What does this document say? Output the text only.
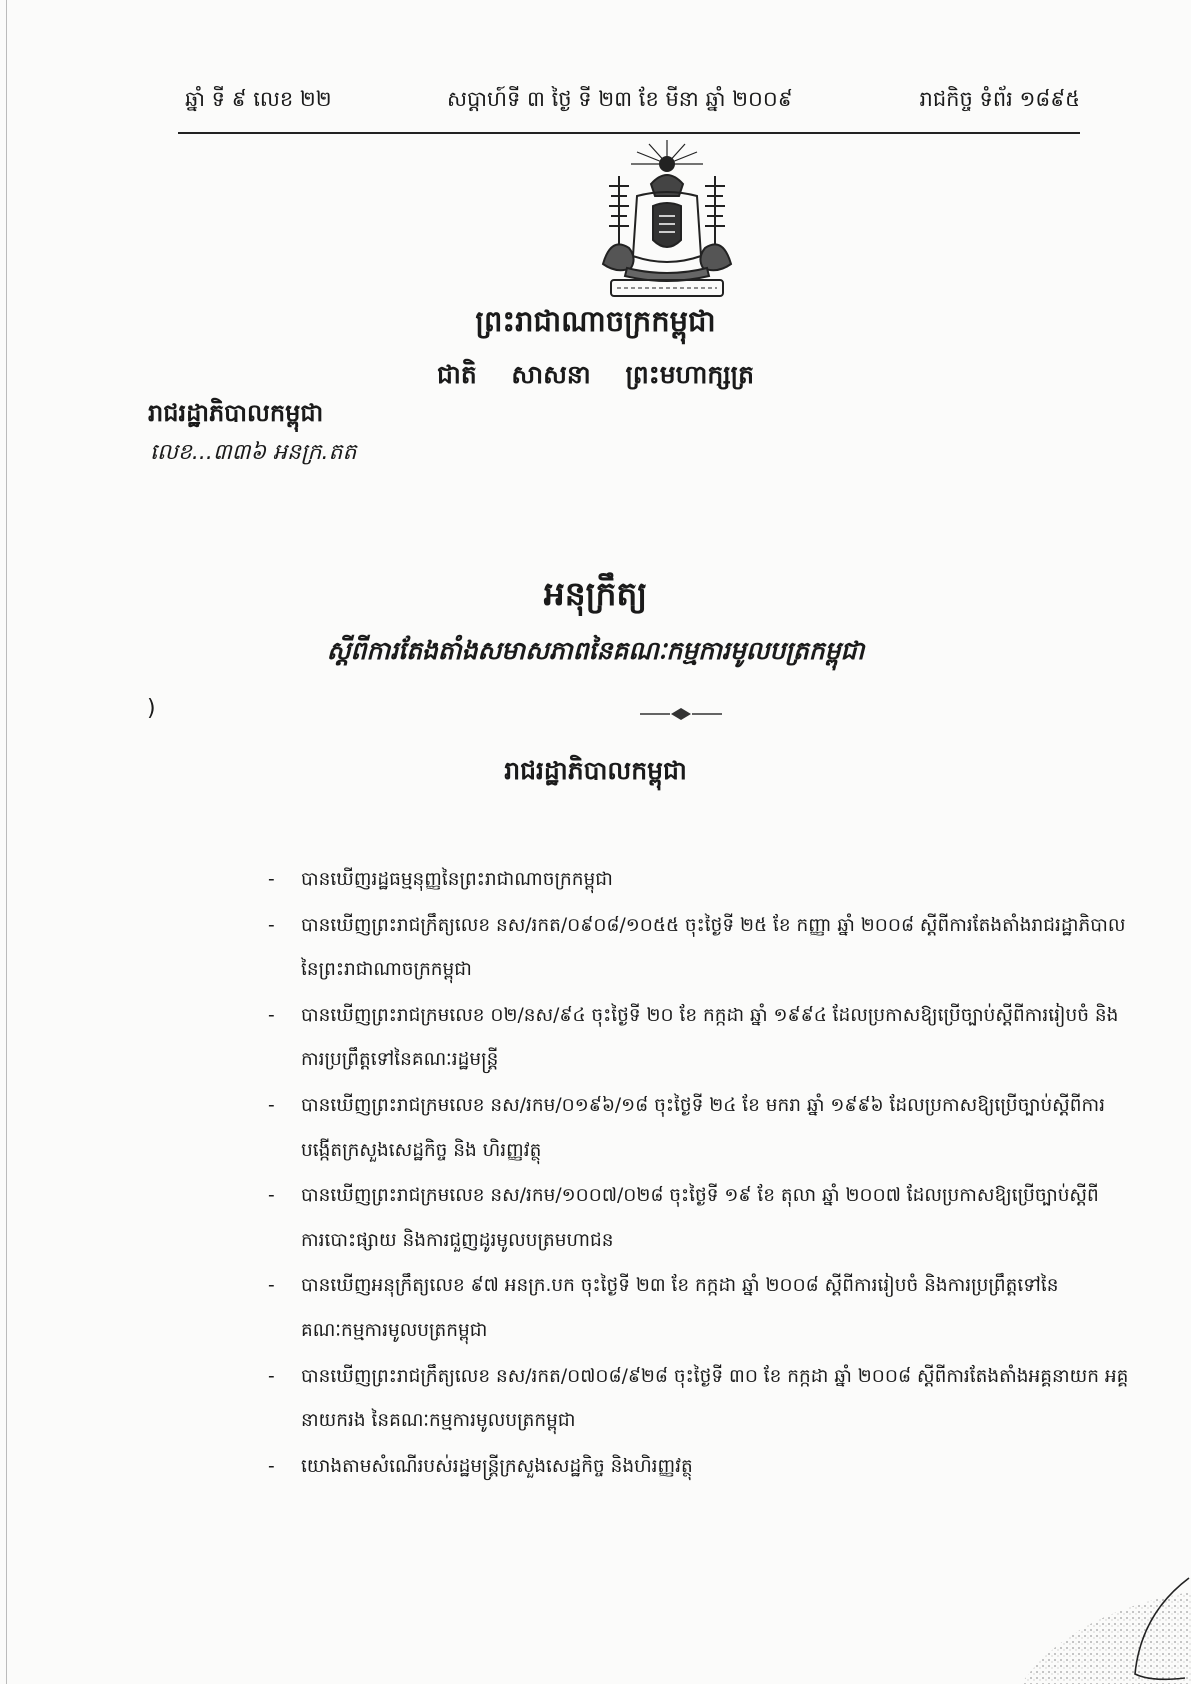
ឆ្នាំ ទី ៩ លេខ ២២	សប្តាហ៍ទី ៣ ថ្ងៃ ទី ២៣ ខែ មីនា ឆ្នាំ ២០០៩	រាជកិច្ច ទំព័រ ១៨៩៥
ព្រះរាជាណាចក្រកម្ពុជា
ជាតិ សាសនា ព្រះមហាក្សត្រ
រាជរដ្ឋាភិបាលកម្ពុជា
លេខ...៣៣៦ អនក្រ.តត
អនុក្រឹត្យ
ស្តីពីការតែងតាំងសមាសភាពនៃគណៈកម្មការមូលបត្រកម្ពុជា
)
រាជរដ្ឋាភិបាលកម្ពុជា
- បានឃើញរដ្ឋធម្មនុញ្ញនៃព្រះរាជាណាចក្រកម្ពុជា
- បានឃើញព្រះរាជក្រឹត្យលេខ នស/រកត/០៩០៨/១០៥៥ ចុះថ្ងៃទី ២៥ ខែ កញ្ញា ឆ្នាំ ២០០៨ ស្តីពីការតែងតាំងរាជរដ្ឋាភិបាលនៃព្រះរាជាណាចក្រកម្ពុជា
- បានឃើញព្រះរាជក្រមលេខ ០២/នស/៩៤ ចុះថ្ងៃទី ២០ ខែ កក្កដា ឆ្នាំ ១៩៩៤ ដែលប្រកាសឱ្យប្រើច្បាប់ស្តីពីការរៀបចំ និងការប្រព្រឹត្តទៅនៃគណៈរដ្ឋមន្ត្រី
- បានឃើញព្រះរាជក្រមលេខ នស/រកម/០១៩៦/១៨ ចុះថ្ងៃទី ២៤ ខែ មករា ឆ្នាំ ១៩៩៦ ដែលប្រកាសឱ្យប្រើច្បាប់ស្តីពីការបង្កើតក្រសួងសេដ្ឋកិច្ច និង ហិរញ្ញវត្ថុ
- បានឃើញព្រះរាជក្រមលេខ នស/រកម/១០០៧/០២៨ ចុះថ្ងៃទី ១៩ ខែ តុលា ឆ្នាំ ២០០៧ ដែលប្រកាសឱ្យប្រើច្បាប់ស្តីពីការបោះផ្សាយ និងការជួញដូរមូលបត្រមហាជន
- បានឃើញអនុក្រឹត្យលេខ ៩៧ អនក្រ.បក ចុះថ្ងៃទី ២៣ ខែ កក្កដា ឆ្នាំ ២០០៨ ស្តីពីការរៀបចំ និងការប្រព្រឹត្តទៅនៃគណៈកម្មការមូលបត្រកម្ពុជា
- បានឃើញព្រះរាជក្រឹត្យលេខ នស/រកត/០៧០៨/៩២៨ ចុះថ្ងៃទី ៣០ ខែ កក្កដា ឆ្នាំ ២០០៨ ស្តីពីការតែងតាំងអគ្គនាយក អគ្គនាយករង នៃគណៈកម្មការមូលបត្រកម្ពុជា
- យោងតាមសំណើរបស់រដ្ឋមន្ត្រីក្រសួងសេដ្ឋកិច្ច និងហិរញ្ញវត្ថុ
